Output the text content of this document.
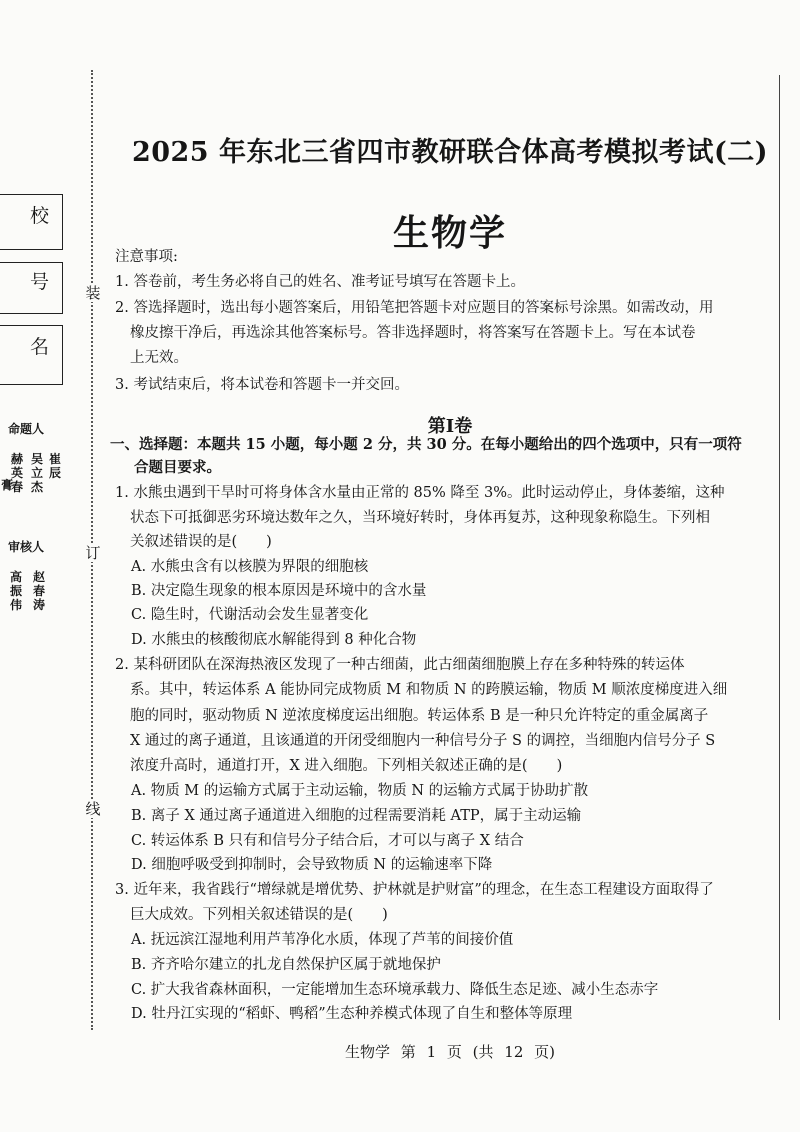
校
号
名
命题人
膏
赫英春
吴立杰
崔辰
审核人
高振伟
赵春涛
装
订
线
2025 年东北三省四市教研联合体高考模拟考试(二)
生物学
注意事项:
1. 答卷前，考生务必将自己的姓名、准考证号填写在答题卡上。
2. 答选择题时，选出每小题答案后，用铅笔把答题卡对应题目的答案标号涂黑。如需改动，用
橡皮擦干净后，再选涂其他答案标号。答非选择题时，将答案写在答题卡上。写在本试卷
上无效。
3. 考试结束后，将本试卷和答题卡一并交回。
第Ⅰ卷
一、选择题：本题共 15 小题，每小题 2 分，共 30 分。在每小题给出的四个选项中，只有一项符
合题目要求。
1. 水熊虫遇到干旱时可将身体含水量由正常的 85% 降至 3%。此时运动停止，身体萎缩，这种
状态下可抵御恶劣环境达数年之久，当环境好转时，身体再复苏，这种现象称隐生。下列相
关叙述错误的是(　　)
A. 水熊虫含有以核膜为界限的细胞核
B. 决定隐生现象的根本原因是环境中的含水量
C. 隐生时，代谢活动会发生显著变化
D. 水熊虫的核酸彻底水解能得到 8 种化合物
2. 某科研团队在深海热液区发现了一种古细菌，此古细菌细胞膜上存在多种特殊的转运体
系。其中，转运体系 A 能协同完成物质 M 和物质 N 的跨膜运输，物质 M 顺浓度梯度进入细
胞的同时，驱动物质 N 逆浓度梯度运出细胞。转运体系 B 是一种只允许特定的重金属离子
X 通过的离子通道，且该通道的开闭受细胞内一种信号分子 S 的调控，当细胞内信号分子 S
浓度升高时，通道打开，X 进入细胞。下列相关叙述正确的是(　　)
A. 物质 M 的运输方式属于主动运输，物质 N 的运输方式属于协助扩散
B. 离子 X 通过离子通道进入细胞的过程需要消耗 ATP，属于主动运输
C. 转运体系 B 只有和信号分子结合后，才可以与离子 X 结合
D. 细胞呼吸受到抑制时，会导致物质 N 的运输速率下降
3. 近年来，我省践行“增绿就是增优势、护林就是护财富”的理念，在生态工程建设方面取得了
巨大成效。下列相关叙述错误的是(　　)
A. 抚远滨江湿地利用芦苇净化水质，体现了芦苇的间接价值
B. 齐齐哈尔建立的扎龙自然保护区属于就地保护
C. 扩大我省森林面积，一定能增加生态环境承载力、降低生态足迹、减小生态赤字
D. 牡丹江实现的“稻虾、鸭稻”生态种养模式体现了自生和整体等原理
生物学 第 1 页 (共 12 页)
